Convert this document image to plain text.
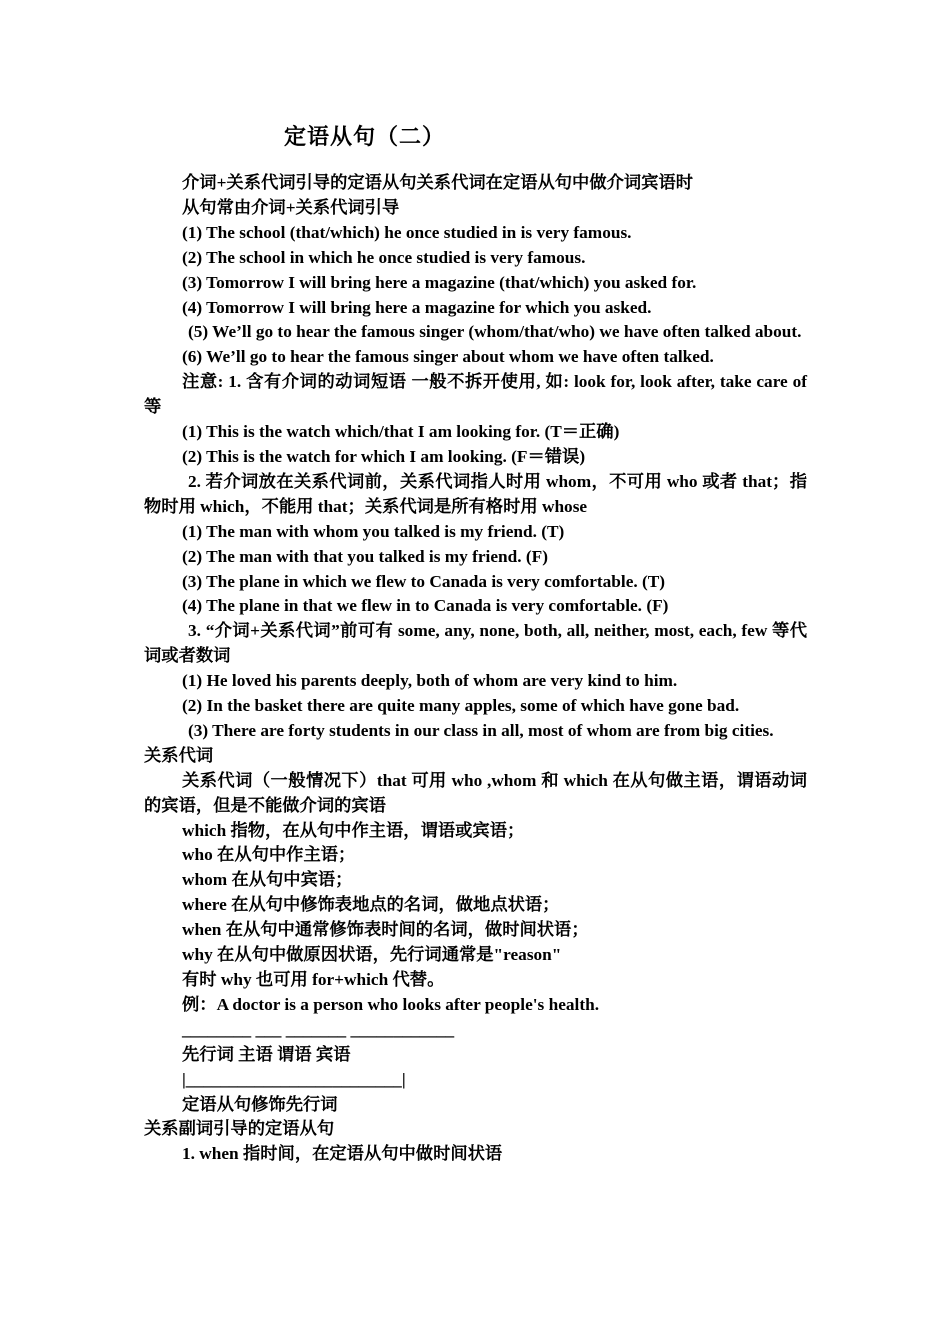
定语从句（二）

介词+关系代词引导的定语从句关系代词在定语从句中做介词宾语时

从句常由介词+关系代词引导

(1) The school (that/which) he once studied in is very famous.

(2) The school in which he once studied is very famous.

(3) Tomorrow I will bring here a magazine (that/which) you asked for.

(4) Tomorrow I will bring here a magazine for which you asked.

(5) We’ll go to hear the famous singer (whom/that/who) we have often talked about.

(6) We’ll go to hear the famous singer about whom we have often talked.

注意: 1. 含有介词的动词短语 一般不拆开使用, 如: look for, look after, take care of 等

(1) This is the watch which/that I am looking for. (T＝正确)

(2) This is the watch for which I am looking. (F＝错误)

2. 若介词放在关系代词前，关系代词指人时用 whom，不可用 who 或者 that；指物时用 which，不能用 that；关系代词是所有格时用 whose

(1) The man with whom you talked is my friend. (T)

(2) The man with that you talked is my friend. (F)

(3) The plane in which we flew to Canada is very comfortable. (T)

(4) The plane in that we flew in to Canada is very comfortable. (F)

3. “介词+关系代词”前可有 some, any, none, both, all, neither, most, each, few 等代词或者数词

(1) He loved his parents deeply, both of whom are very kind to him.

(2) In the basket there are quite many apples, some of which have gone bad.

(3) There are forty students in our class in all, most of whom are from big cities.

关系代词

关系代词（一般情况下）that 可用 who ,whom 和 which 在从句做主语，谓语动词的宾语，但是不能做介词的宾语

which 指物，在从句中作主语，谓语或宾语；

who 在从句中作主语；

whom 在从句中宾语；

where 在从句中修饰表地点的名词，做地点状语；

when 在从句中通常修饰表时间的名词，做时间状语；

why 在从句中做原因状语，先行词通常是"reason"

有时 why 也可用 for+which 代替。

例：A doctor is a person who looks after people's health.

________ ___ _______ ____________

先行词 主语 谓语 宾语

|_________________________|

定语从句修饰先行词

关系副词引导的定语从句

1. when 指时间，在定语从句中做时间状语
